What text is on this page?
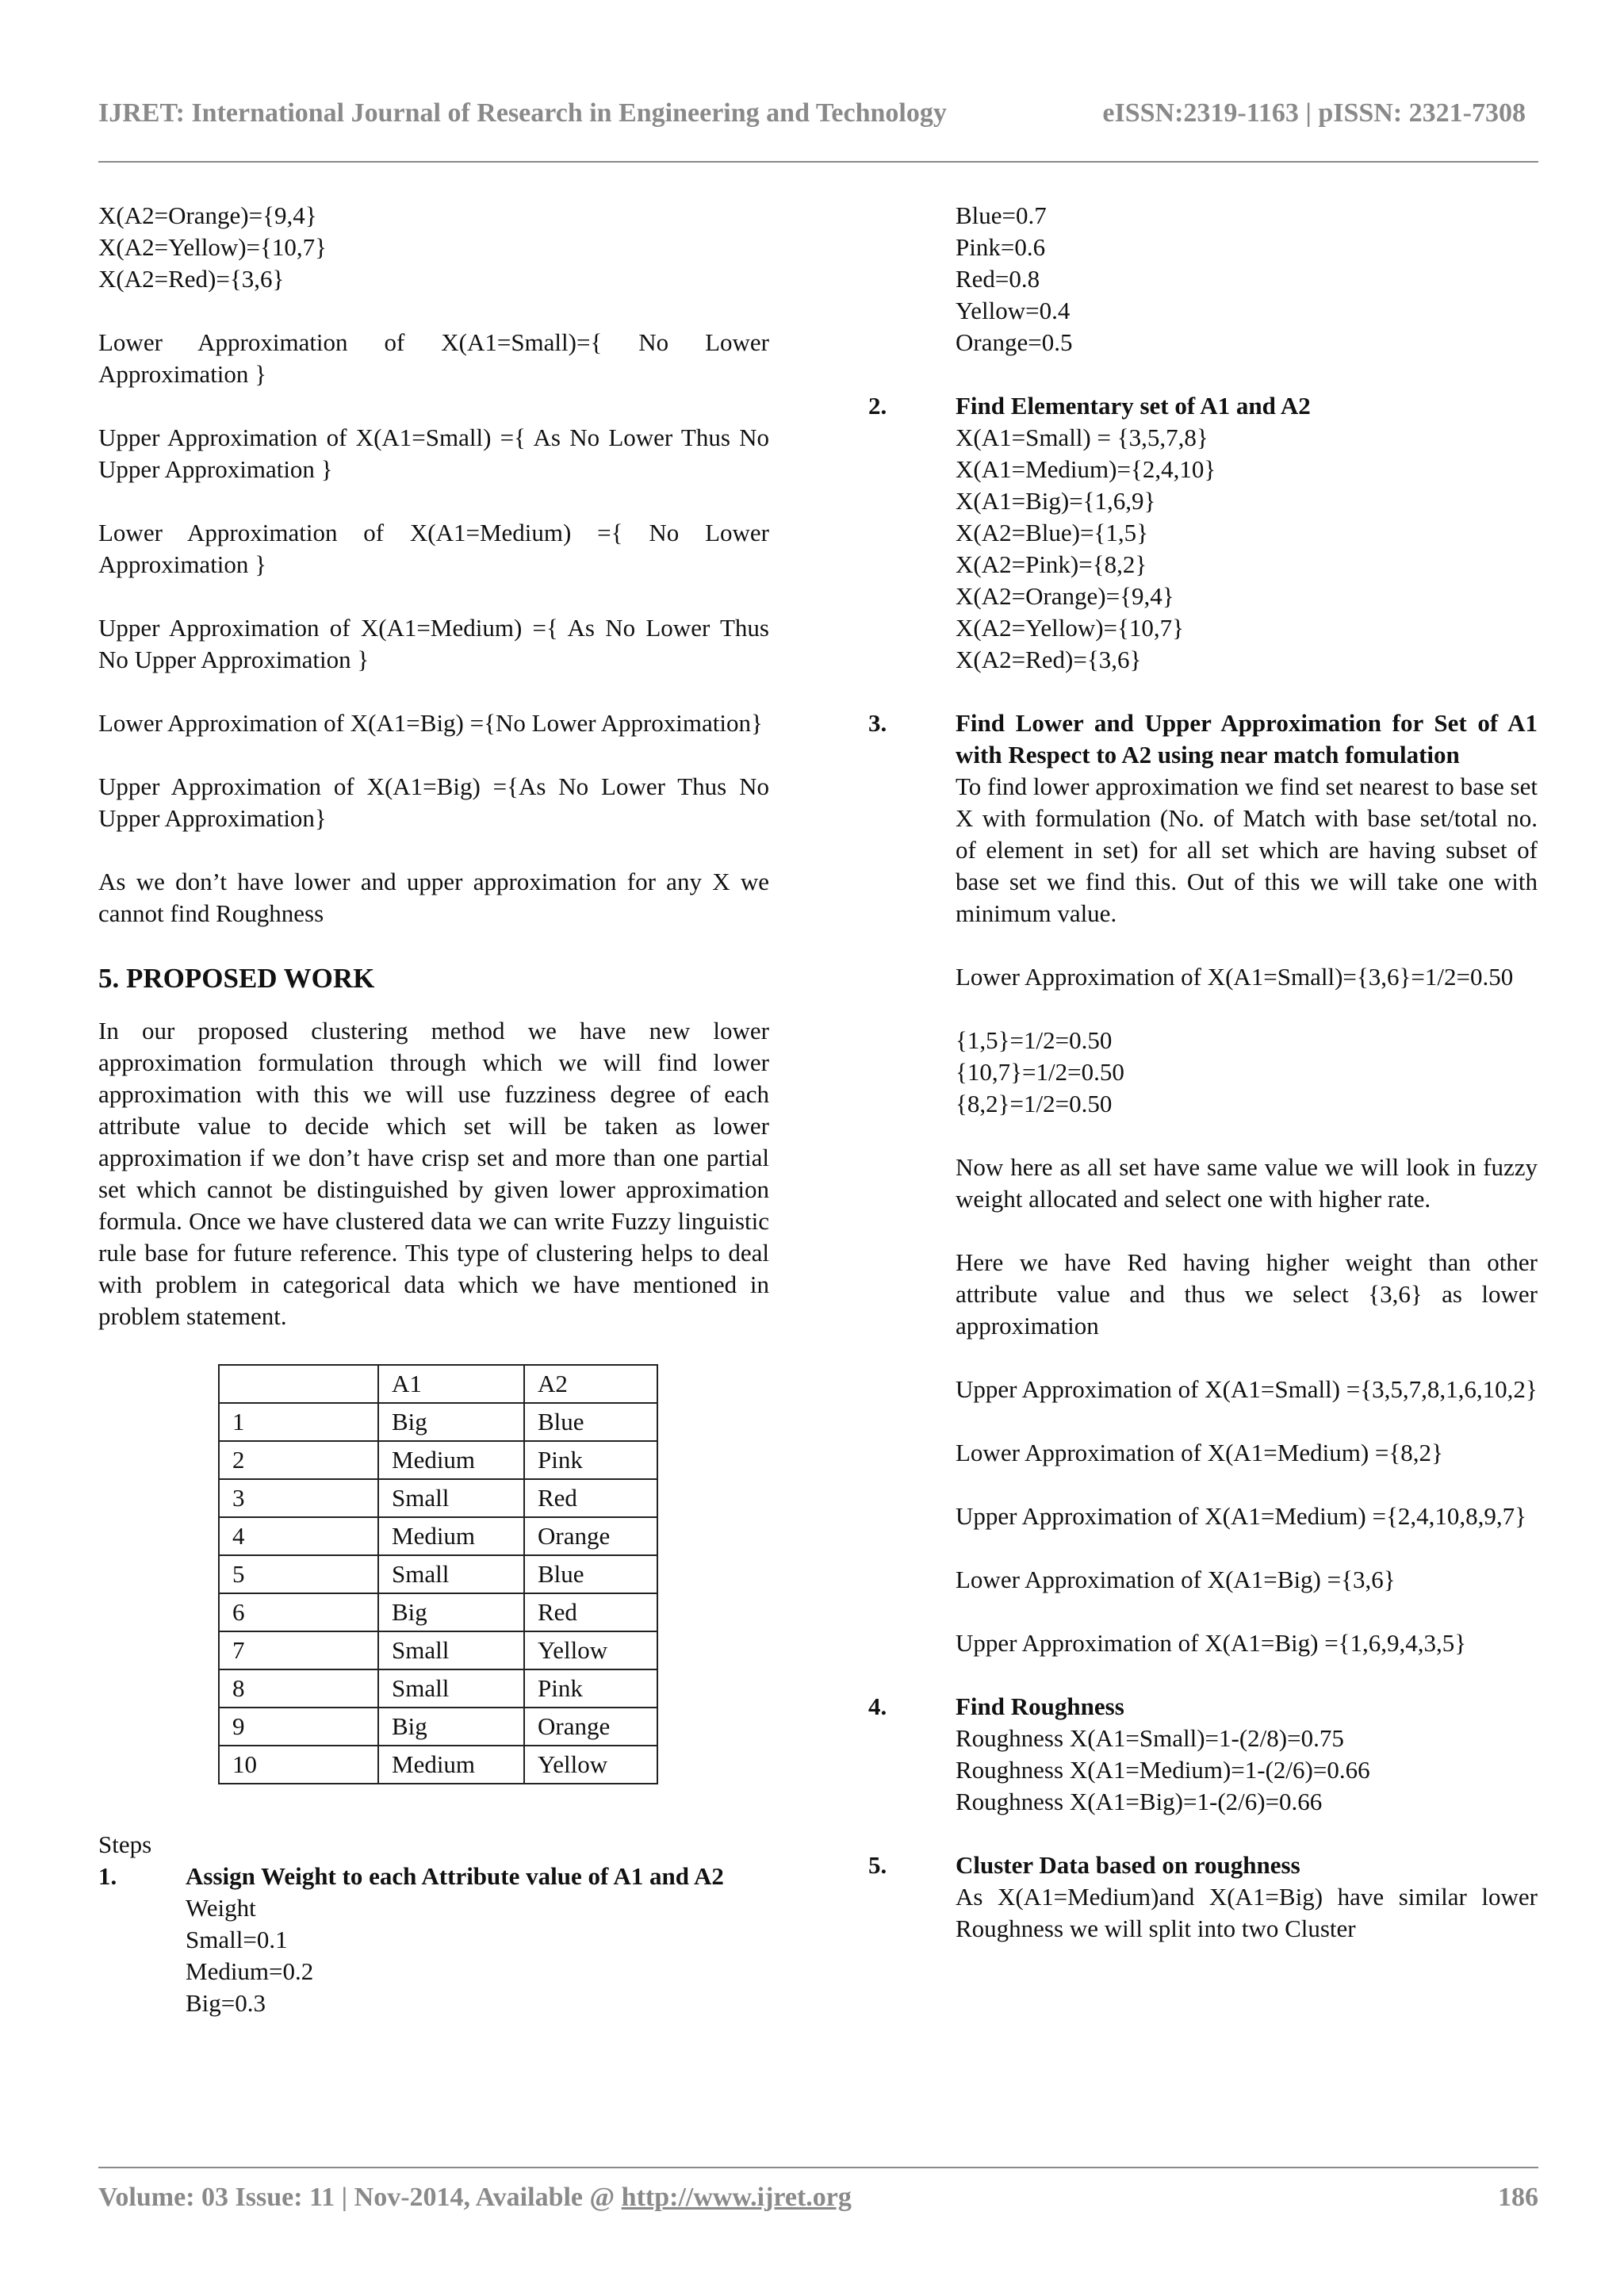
IJRET: International Journal of Research in Engineering and Technology	eISSN:2319-1163 | pISSN: 2321-7308

X(A2=Orange)={9,4}
X(A2=Yellow)={10,7}
X(A2=Red)={3,6}

Lower Approximation of X(A1=Small)={ No Lower Approximation }

Upper Approximation of X(A1=Small) ={ As No Lower Thus No Upper Approximation }

Lower Approximation of X(A1=Medium) ={ No Lower Approximation }

Upper Approximation of X(A1=Medium) ={ As No Lower Thus No Upper Approximation }

Lower Approximation of X(A1=Big) ={No Lower Approximation}

Upper Approximation of X(A1=Big) ={As No Lower Thus No Upper Approximation}

As we don’t have lower and upper approximation for any X we cannot find Roughness

5. PROPOSED WORK

In our proposed clustering method we have new lower approximation formulation through which we will find lower approximation with this we will use fuzziness degree of each attribute value to decide which set will be taken as lower approximation if we don’t have crisp set and more than one partial set which cannot be distinguished by given lower approximation formula. Once we have clustered data we can write Fuzzy linguistic rule base for future reference. This type of clustering helps to deal with problem in categorical data which we have mentioned in problem statement.

	A1	A2
1	Big	Blue
2	Medium	Pink
3	Small	Red
4	Medium	Orange
5	Small	Blue
6	Big	Red
7	Small	Yellow
8	Small	Pink
9	Big	Orange
10	Medium	Yellow

Steps

1.	Assign Weight to each Attribute value of A1 and A2
Weight
Small=0.1
Medium=0.2
Big=0.3
Blue=0.7
Pink=0.6
Red=0.8
Yellow=0.4
Orange=0.5
2.	Find Elementary set of A1 and A2
X(A1=Small) = {3,5,7,8}
X(A1=Medium)={2,4,10}
X(A1=Big)={1,6,9}
X(A2=Blue)={1,5}
X(A2=Pink)={8,2}
X(A2=Orange)={9,4}
X(A2=Yellow)={10,7}
X(A2=Red)={3,6}
3.	Find Lower and Upper Approximation for Set of A1 with Respect to A2 using near match fomulation

To find lower approximation we find set nearest to base set X with formulation (No. of Match with base set/total no. of element in set) for all set which are having subset of base set we find this. Out of this we will take one with minimum value.

Lower Approximation of X(A1=Small)={3,6}=1/2=0.50

{1,5}=1/2=0.50
{10,7}=1/2=0.50
{8,2}=1/2=0.50

Now here as all set have same value we will look in fuzzy weight allocated and select one with higher rate.

Here we have Red having higher weight than other attribute value and thus we select {3,6} as lower approximation

Upper Approximation of X(A1=Small) ={3,5,7,8,1,6,10,2}

Lower Approximation of X(A1=Medium) ={8,2}

Upper Approximation of X(A1=Medium) ={2,4,10,8,9,7}

Lower Approximation of X(A1=Big) ={3,6}

Upper Approximation of X(A1=Big) ={1,6,9,4,3,5}

4.	Find Roughness
Roughness X(A1=Small)=1-(2/8)=0.75
Roughness X(A1=Medium)=1-(2/6)=0.66
Roughness X(A1=Big)=1-(2/6)=0.66
5.	Cluster Data based on roughness
As X(A1=Medium)and X(A1=Big) have similar lower Roughness we will split into two Cluster
Volume: 03 Issue: 11 | Nov-2014, Available @ http://www.ijret.org	186
